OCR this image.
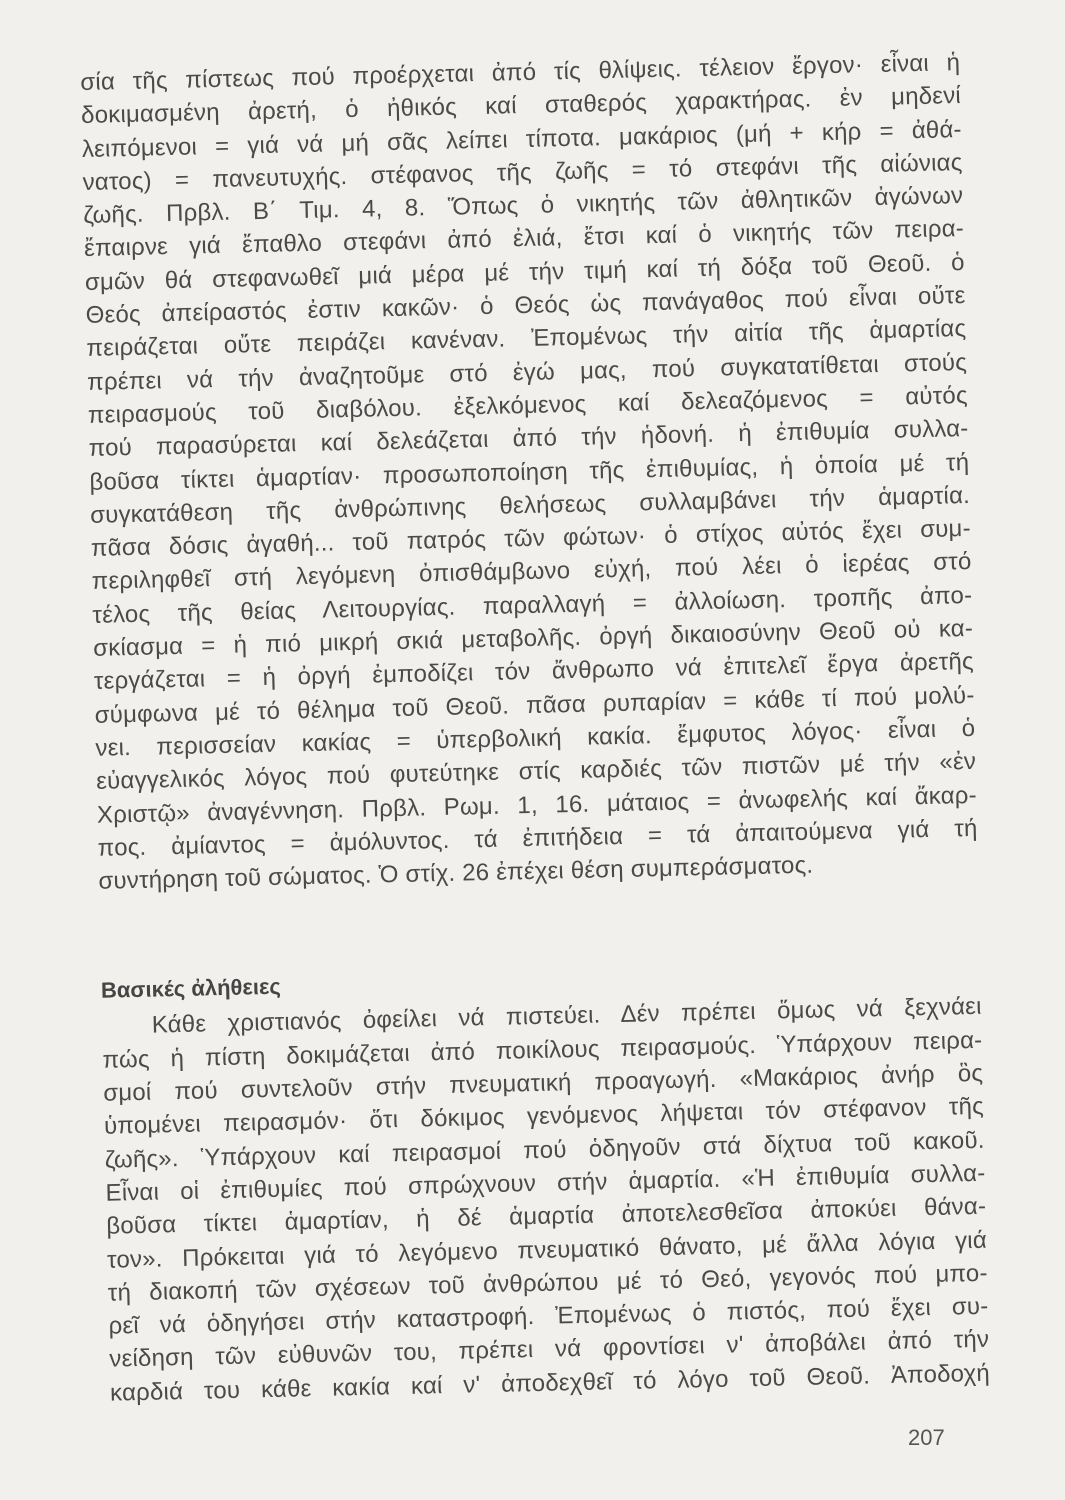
σία τῆς πίστεως πού προέρχεται ἀπό τίς θλίψεις. τέλειον ἔργον· εἶναι ἡ
δοκιμασμένη ἀρετή, ὁ ἠθικός καί σταθερός χαρακτήρας. ἐν μηδενί
λειπόμενοι = γιά νά μή σᾶς λείπει τίποτα. μακάριος (μή + κήρ = ἀθά-
νατος) = πανευτυχής. στέφανος τῆς ζωῆς = τό στεφάνι τῆς αἰώνιας
ζωῆς. Πρβλ. Β΄ Τιμ. 4, 8. Ὅπως ὁ νικητής τῶν ἀθλητικῶν ἀγώνων
ἔπαιρνε γιά ἔπαθλο στεφάνι ἀπό ἐλιά, ἔτσι καί ὁ νικητής τῶν πειρα-
σμῶν θά στεφανωθεῖ μιά μέρα μέ τήν τιμή καί τή δόξα τοῦ Θεοῦ. ὁ
Θεός ἀπείραστός ἐστιν κακῶν· ὁ Θεός ὡς πανάγαθος πού εἶναι οὔτε
πειράζεται οὔτε πειράζει κανέναν. Ἐπομένως τήν αἰτία τῆς ἁμαρτίας
πρέπει νά τήν ἀναζητοῦμε στό ἐγώ μας, πού συγκατατίθεται στούς
πειρασμούς τοῦ διαβόλου. ἐξελκόμενος καί δελεαζόμενος = αὐτός
πού παρασύρεται καί δελεάζεται ἀπό τήν ἡδονή. ἡ ἐπιθυμία συλλα-
βοῦσα τίκτει ἁμαρτίαν· προσωποποίηση τῆς ἐπιθυμίας, ἡ ὁποία μέ τή
συγκατάθεση τῆς ἀνθρώπινης θελήσεως συλλαμβάνει τήν ἁμαρτία.
πᾶσα δόσις ἀγαθή... τοῦ πατρός τῶν φώτων· ὁ στίχος αὐτός ἔχει συμ-
περιληφθεῖ στή λεγόμενη ὀπισθάμβωνο εὐχή, πού λέει ὁ ἱερέας στό
τέλος τῆς θείας Λειτουργίας. παραλλαγή = ἀλλοίωση. τροπῆς ἀπο-
σκίασμα = ἡ πιό μικρή σκιά μεταβολῆς. ὀργή δικαιοσύνην Θεοῦ οὐ κα-
τεργάζεται = ἡ ὀργή ἐμποδίζει τόν ἄνθρωπο νά ἐπιτελεῖ ἔργα ἀρετῆς
σύμφωνα μέ τό θέλημα τοῦ Θεοῦ. πᾶσα ρυπαρίαν = κάθε τί πού μολύ-
νει. περισσείαν κακίας = ὑπερβολική κακία. ἔμφυτος λόγος· εἶναι ὁ
εὐαγγελικός λόγος πού φυτεύτηκε στίς καρδιές τῶν πιστῶν μέ τήν «ἐν
Χριστῷ» ἀναγέννηση. Πρβλ. Ρωμ. 1, 16. μάταιος = ἀνωφελής καί ἄκαρ-
πος. ἀμίαντος = ἀμόλυντος. τά ἐπιτήδεια = τά ἀπαιτούμενα γιά τή
συντήρηση τοῦ σώματος. Ὁ στίχ. 26 ἐπέχει θέση συμπεράσματος.
Βασικές ἀλήθειες
Κάθε χριστιανός ὀφείλει νά πιστεύει. Δέν πρέπει ὅμως νά ξεχνάει
πώς ἡ πίστη δοκιμάζεται ἀπό ποικίλους πειρασμούς. Ὑπάρχουν πειρα-
σμοί πού συντελοῦν στήν πνευματική προαγωγή. «Μακάριος ἀνήρ ὃς
ὑπομένει πειρασμόν· ὅτι δόκιμος γενόμενος λήψεται τόν στέφανον τῆς
ζωῆς». Ὑπάρχουν καί πειρασμοί πού ὁδηγοῦν στά δίχτυα τοῦ κακοῦ.
Εἶναι οἱ ἐπιθυμίες πού σπρώχνουν στήν ἁμαρτία. «Ἡ ἐπιθυμία συλλα-
βοῦσα τίκτει ἁμαρτίαν, ἡ δέ ἁμαρτία ἀποτελεσθεῖσα ἀποκύει θάνα-
τον». Πρόκειται γιά τό λεγόμενο πνευματικό θάνατο, μέ ἄλλα λόγια γιά
τή διακοπή τῶν σχέσεων τοῦ ἀνθρώπου μέ τό Θεό, γεγονός πού μπο-
ρεῖ νά ὁδηγήσει στήν καταστροφή. Ἐπομένως ὁ πιστός, πού ἔχει συ-
νείδηση τῶν εὐθυνῶν του, πρέπει νά φροντίσει ν' ἀποβάλει ἀπό τήν
καρδιά του κάθε κακία καί ν' ἀποδεχθεῖ τό λόγο τοῦ Θεοῦ. Ἀποδοχή
207
